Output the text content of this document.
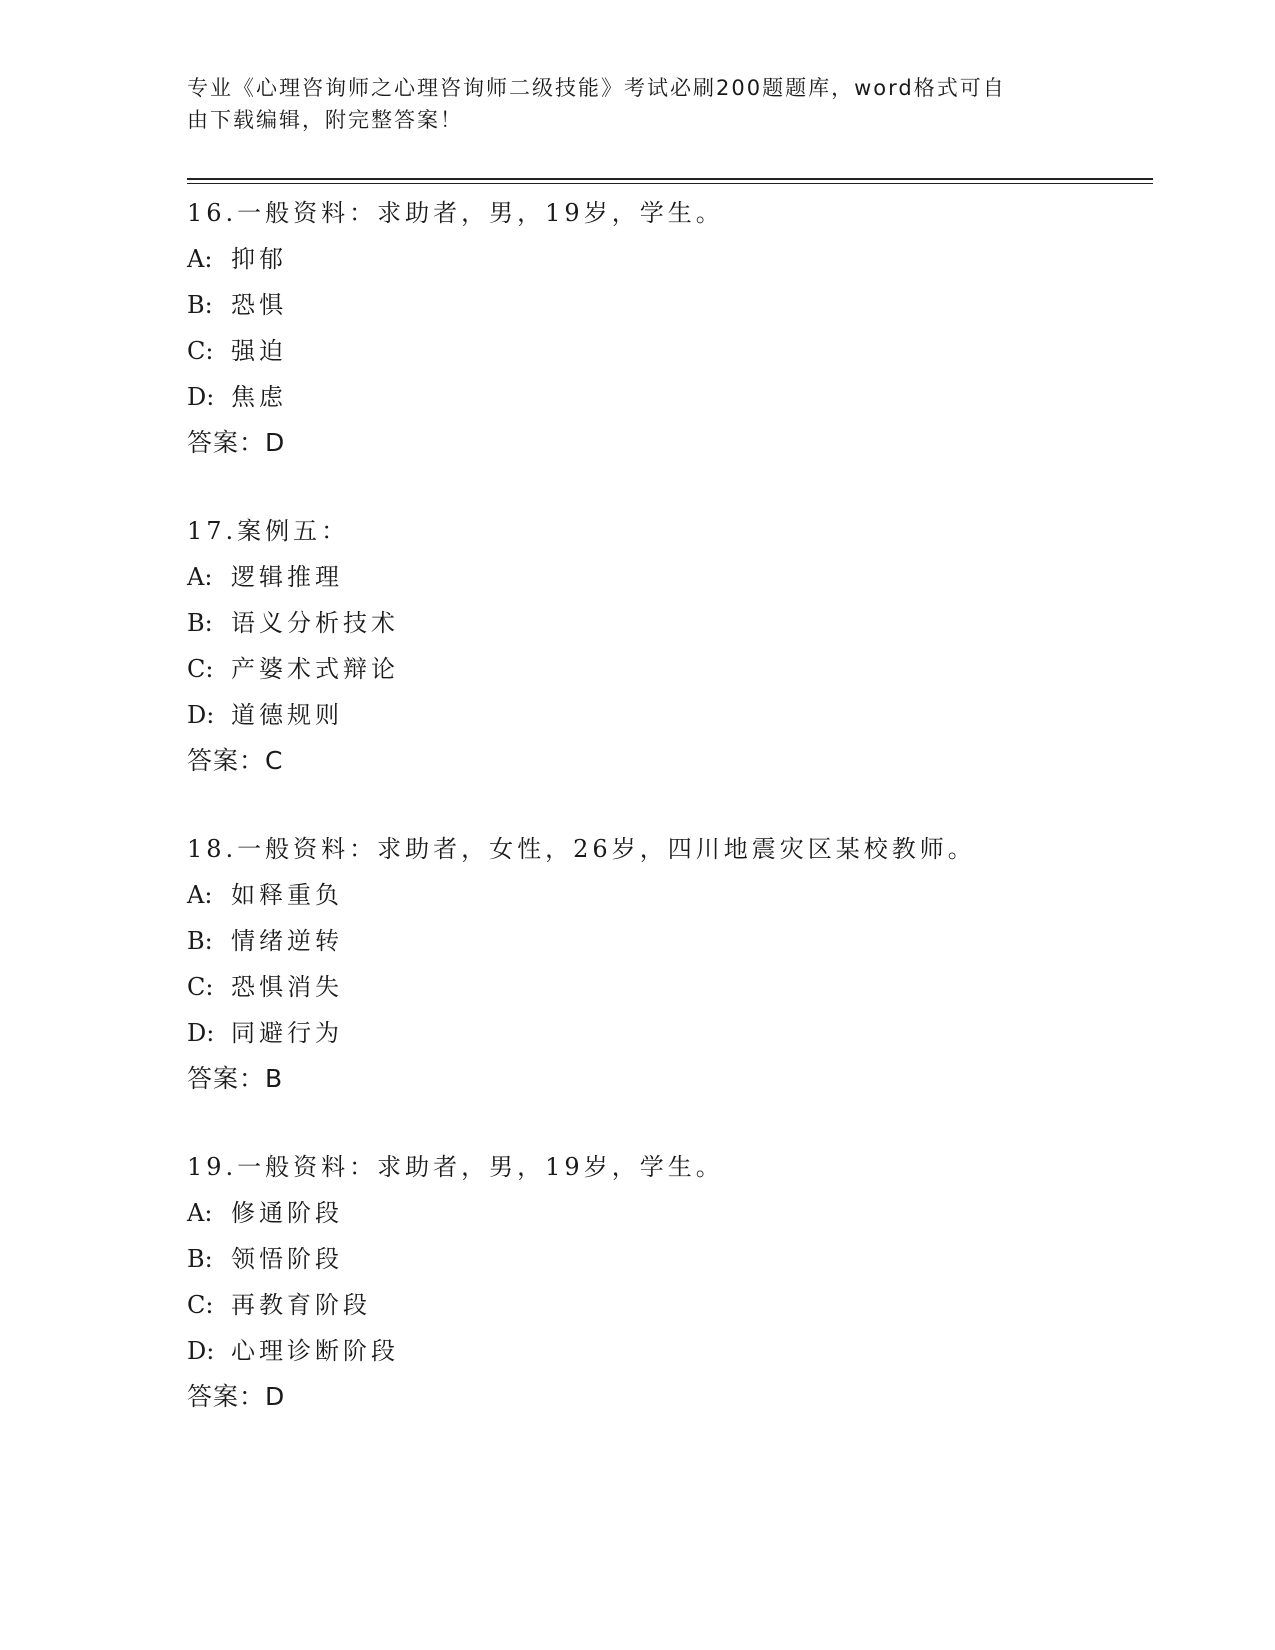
专业《心理咨询师之心理咨询师二级技能》考试必刷200题题库，word格式可自
由下载编辑，附完整答案！
16.一般资料：求助者，男，19岁，学生。
A: 抑郁
B: 恐惧
C: 强迫
D: 焦虑
答案：D
17.案例五：
A: 逻辑推理
B: 语义分析技术
C: 产婆术式辩论
D: 道德规则
答案：C
18.一般资料：求助者，女性，26岁，四川地震灾区某校教师。
A: 如释重负
B: 情绪逆转
C: 恐惧消失
D: 同避行为
答案：B
19.一般资料：求助者，男，19岁，学生。
A: 修通阶段
B: 领悟阶段
C: 再教育阶段
D: 心理诊断阶段
答案：D
